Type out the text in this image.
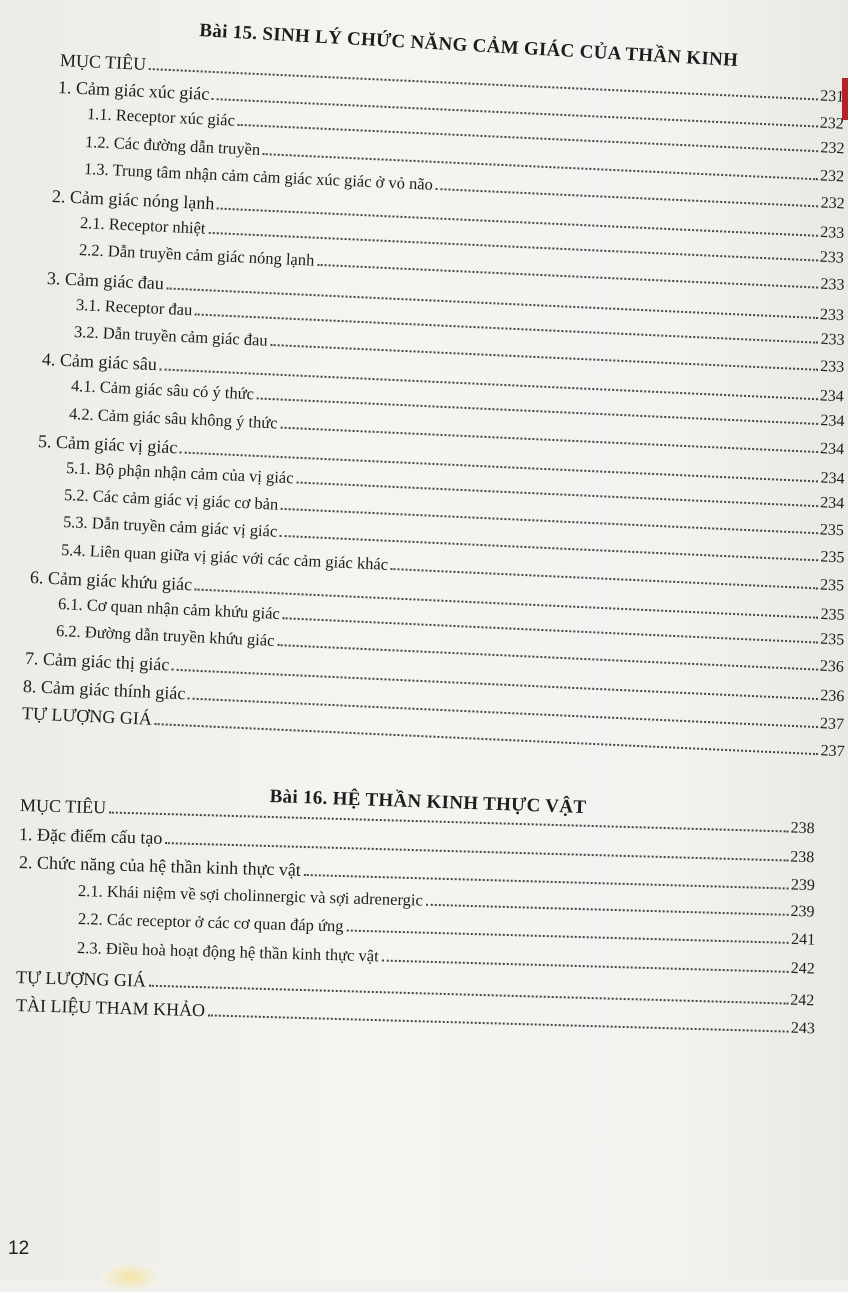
Bài 15. SINH LÝ CHỨC NĂNG CẢM GIÁC CỦA THẦN KINH
MỤC TIÊU
231
1. Cảm giác xúc giác
232
1.1. Receptor xúc giác
232
1.2. Các đường dẫn truyền
232
1.3. Trung tâm nhận cảm cảm giác xúc giác ở vỏ não
232
2. Cảm giác nóng lạnh
233
2.1. Receptor nhiệt
233
2.2. Dẫn truyền cảm giác nóng lạnh
233
3. Cảm giác đau
233
3.1. Receptor đau
233
3.2. Dẫn truyền cảm giác đau
233
4. Cảm giác sâu
234
4.1. Cảm giác sâu có ý thức
234
4.2. Cảm giác sâu không ý thức
234
5. Cảm giác vị giác
234
5.1. Bộ phận nhận cảm của vị giác
234
5.2. Các cảm giác vị giác cơ bản
235
5.3. Dẫn truyền cảm giác vị giác
235
5.4. Liên quan giữa vị giác với các cảm giác khác
235
6. Cảm giác khứu giác
235
6.1. Cơ quan nhận cảm khứu giác
235
6.2. Đường dẫn truyền khứu giác
236
7. Cảm giác thị giác
236
8. Cảm giác thính giác
237
TỰ LƯỢNG GIÁ
237
Bài 16. HỆ THẦN KINH THỰC VẬT
MỤC TIÊU
238
1. Đặc điểm cấu tạo
238
2. Chức năng của hệ thần kinh thực vật
239
2.1. Khái niệm về sợi cholinnergic và sợi adrenergic
239
2.2. Các receptor ở các cơ quan đáp ứng
241
2.3. Điều hoà hoạt động hệ thần kinh thực vật
242
TỰ LƯỢNG GIÁ
242
TÀI LIỆU THAM KHẢO
243
12
